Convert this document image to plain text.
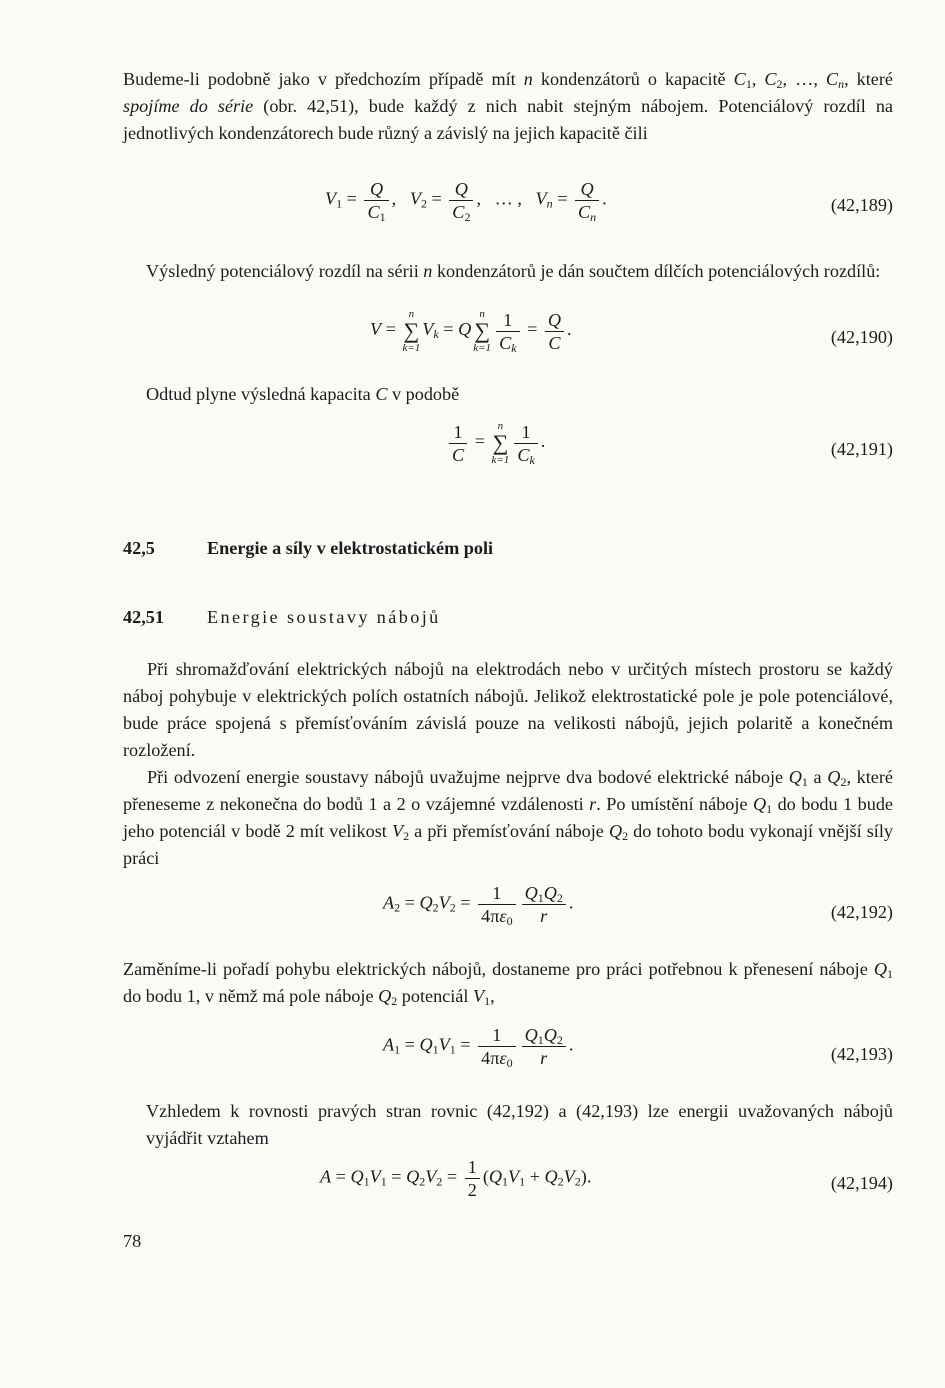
Budeme-li podobně jako v předchozím případě mít n kondenzátorů o kapacitě $C_1$, $C_2$, …, $C_n$, které spojíme do série (obr. 42,51), bude každý z nich nabit stejným nábojem. Potenciálový rozdíl na jednotlivých kondenzátorech bude různý a závislý na jejich kapacitě čili

$V_1 = \frac{Q}{C_1}$ ,   $V_2 = \frac{Q}{C_2}$ ,   … ,   $V_n = \frac{Q}{C_n}$ .	(42,189)

Výsledný potenciálový rozdíl na sérii n kondenzátorů je dán součtem dílčích potenciálových rozdílů:

V =
n
∑
k=1
$V_k = Q$
n
∑
$k=1 \frac{1}{C_k} = \frac{Q}{C}$ .	(42,190)

Odtud plyne výsledná kapacita C v podobě

$\frac{1}{C}$ =
n
∑
$k=1 \frac{1}{C_k}$ .	(42,191)
42,5	Energie a síly v elektrostatickém poli
42,51 Energie soustavy nábojů

Při shromažďování elektrických nábojů na elektrodách nebo v určitých místech prostoru se každý náboj pohybuje v elektrických polích ostatních nábojů. Jelikož elektrostatické pole je pole potenciálové, bude práce spojená s přemísťováním závislá pouze na velikosti nábojů, jejich polaritě a konečném rozložení.

Při odvození energie soustavy nábojů uvažujme nejprve dva bodové elektrické náboje $Q_1$ a $Q_2$, které přeneseme z nekonečna do bodů 1 a 2 o vzájemné vzdálenosti r. Po umístění náboje $Q_1$ do bodu 1 bude jeho potenciál v bodě 2 mít velikost $V_2$ a při přemísťování náboje $Q_2$ do tohoto bodu vykonají vnější síly práci

$A_2 = Q_2V_2 = \frac{1}{4\pi\varepsilon_0} \frac{Q_1Q_2}{r}$ .	(42,192)

Zaměníme-li pořadí pohybu elektrických nábojů, dostaneme pro práci potřebnou k přenesení náboje $Q_1$ do bodu 1, v němž má pole náboje $Q_2$ potenciál $V_1$,

$A_1 = Q_1V_1 = \frac{1}{4\pi\varepsilon_0} \frac{Q_1Q_2}{r}$ .	(42,193)

Vzhledem k rovnosti pravých stran rovnic (42,192) a (42,193) lze energii uvažovaných nábojů vyjádřit vztahem

$A = Q_1V_1 = Q_2V_2 = \frac{1}{2} (Q_1V_1 + Q_2V_2)$.	(42,194)
78
